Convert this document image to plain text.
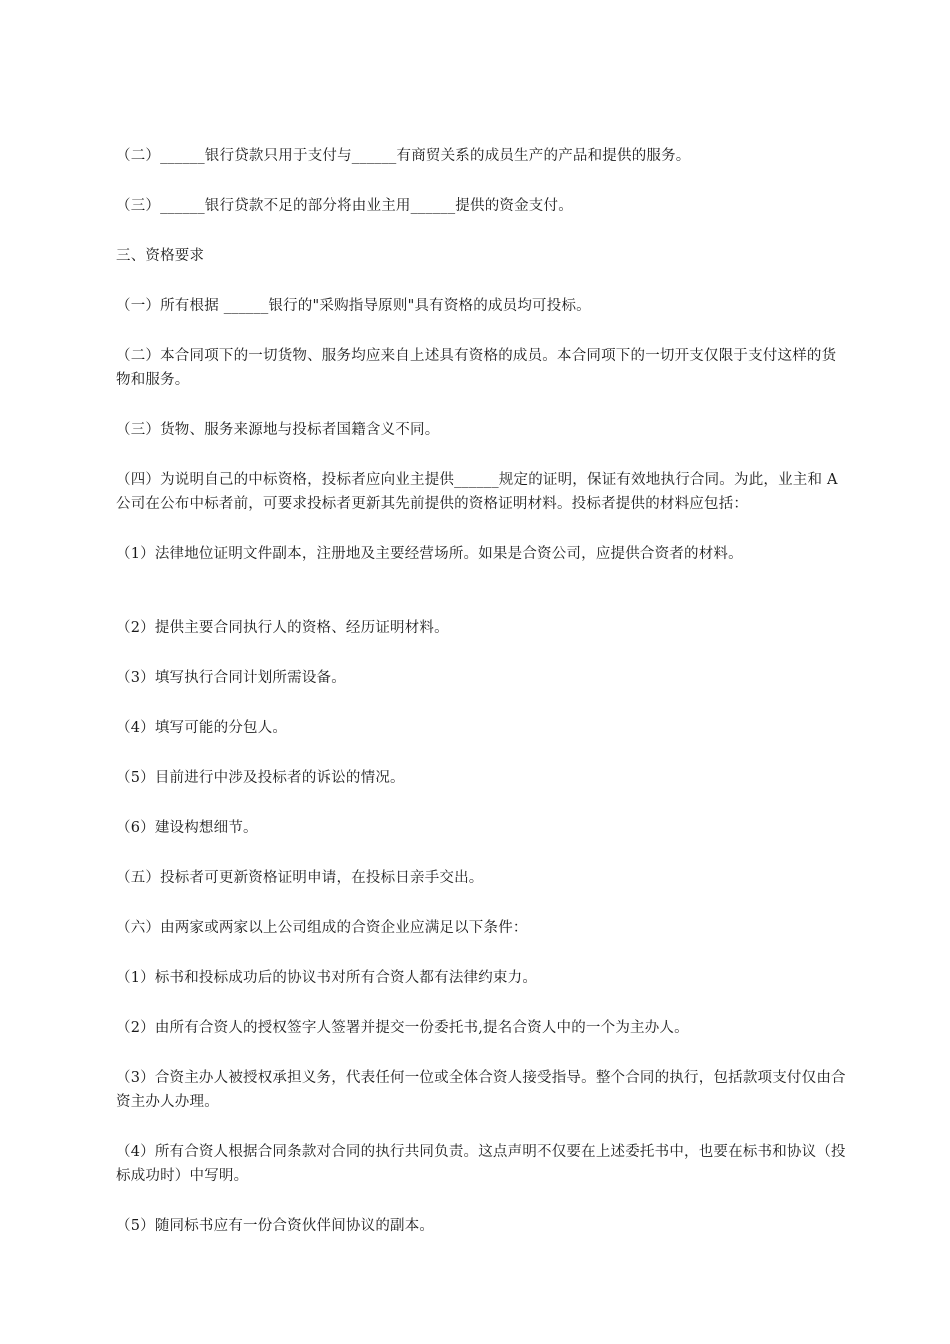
（二）______银行贷款只用于支付与______有商贸关系的成员生产的产品和提供的服务。

（三）______银行贷款不足的部分将由业主用______提供的资金支付。

三、资格要求

（一）所有根据 ______银行的"采购指导原则"具有资格的成员均可投标。

（二）本合同项下的一切货物、服务均应来自上述具有资格的成员。本合同项下的一切开支仅限于支付这样的货物和服务。

（三）货物、服务来源地与投标者国籍含义不同。

（四）为说明自己的中标资格，投标者应向业主提供______规定的证明，保证有效地执行合同。为此，业主和 A 公司在公布中标者前，可要求投标者更新其先前提供的资格证明材料。投标者提供的材料应包括：

（1）法律地位证明文件副本，注册地及主要经营场所。如果是合资公司，应提供合资者的材料。

（2）提供主要合同执行人的资格、经历证明材料。

（3）填写执行合同计划所需设备。

（4）填写可能的分包人。

（5）目前进行中涉及投标者的诉讼的情况。

（6）建设构想细节。

（五）投标者可更新资格证明申请，在投标日亲手交出。

（六）由两家或两家以上公司组成的合资企业应满足以下条件：

（1）标书和投标成功后的协议书对所有合资人都有法律约束力。

（2）由所有合资人的授权签字人签署并提交一份委托书,提名合资人中的一个为主办人。

（3）合资主办人被授权承担义务，代表任何一位或全体合资人接受指导。整个合同的执行，包括款项支付仅由合资主办人办理。

（4）所有合资人根据合同条款对合同的执行共同负责。这点声明不仅要在上述委托书中，也要在标书和协议（投标成功时）中写明。

（5）随同标书应有一份合资伙伴间协议的副本。
